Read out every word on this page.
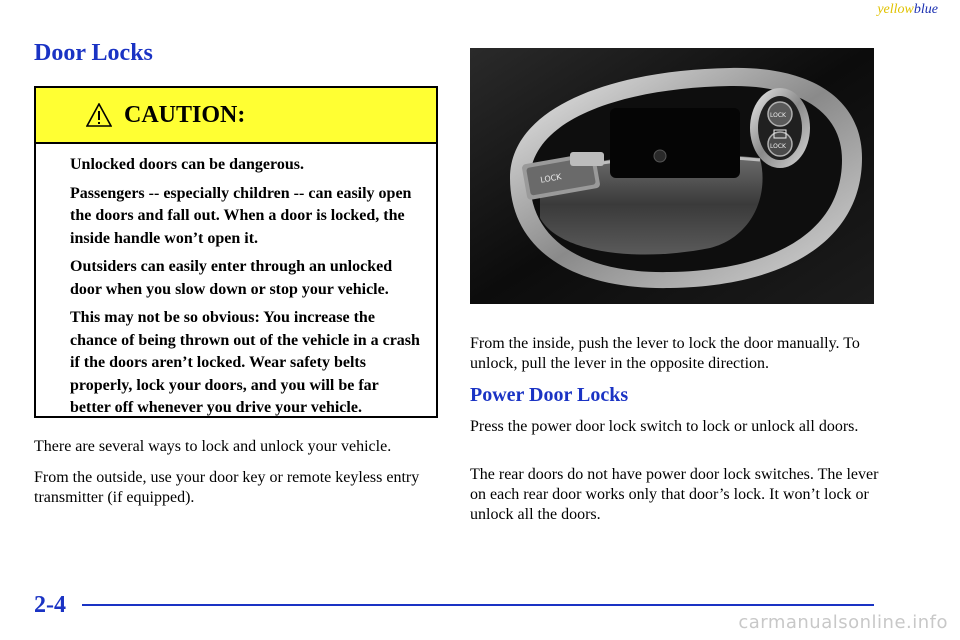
yellowblue
Door Locks
CAUTION:

Unlocked doors can be dangerous.

Passengers -- especially children -- can easily open the doors and fall out. When a door is locked, the inside handle won’t open it.

Outsiders can easily enter through an unlocked door when you slow down or stop your vehicle.

This may not be so obvious: You increase the chance of being thrown out of the vehicle in a crash if the doors aren’t locked. Wear safety belts properly, lock your doors, and you will be far better off whenever you drive your vehicle.

There are several ways to lock and unlock your vehicle.

From the outside, use your door key or remote keyless entry transmitter (if equipped).

LOCK
LOCK
LOCK

From the inside, push the lever to lock the door manually. To unlock, pull the lever in the opposite direction.

Power Door Locks

Press the power door lock switch to lock or unlock all doors.

The rear doors do not have power door lock switches. The lever on each rear door works only that door’s lock. It won’t lock or unlock all the doors.

2-4
carmanualsonline.info
